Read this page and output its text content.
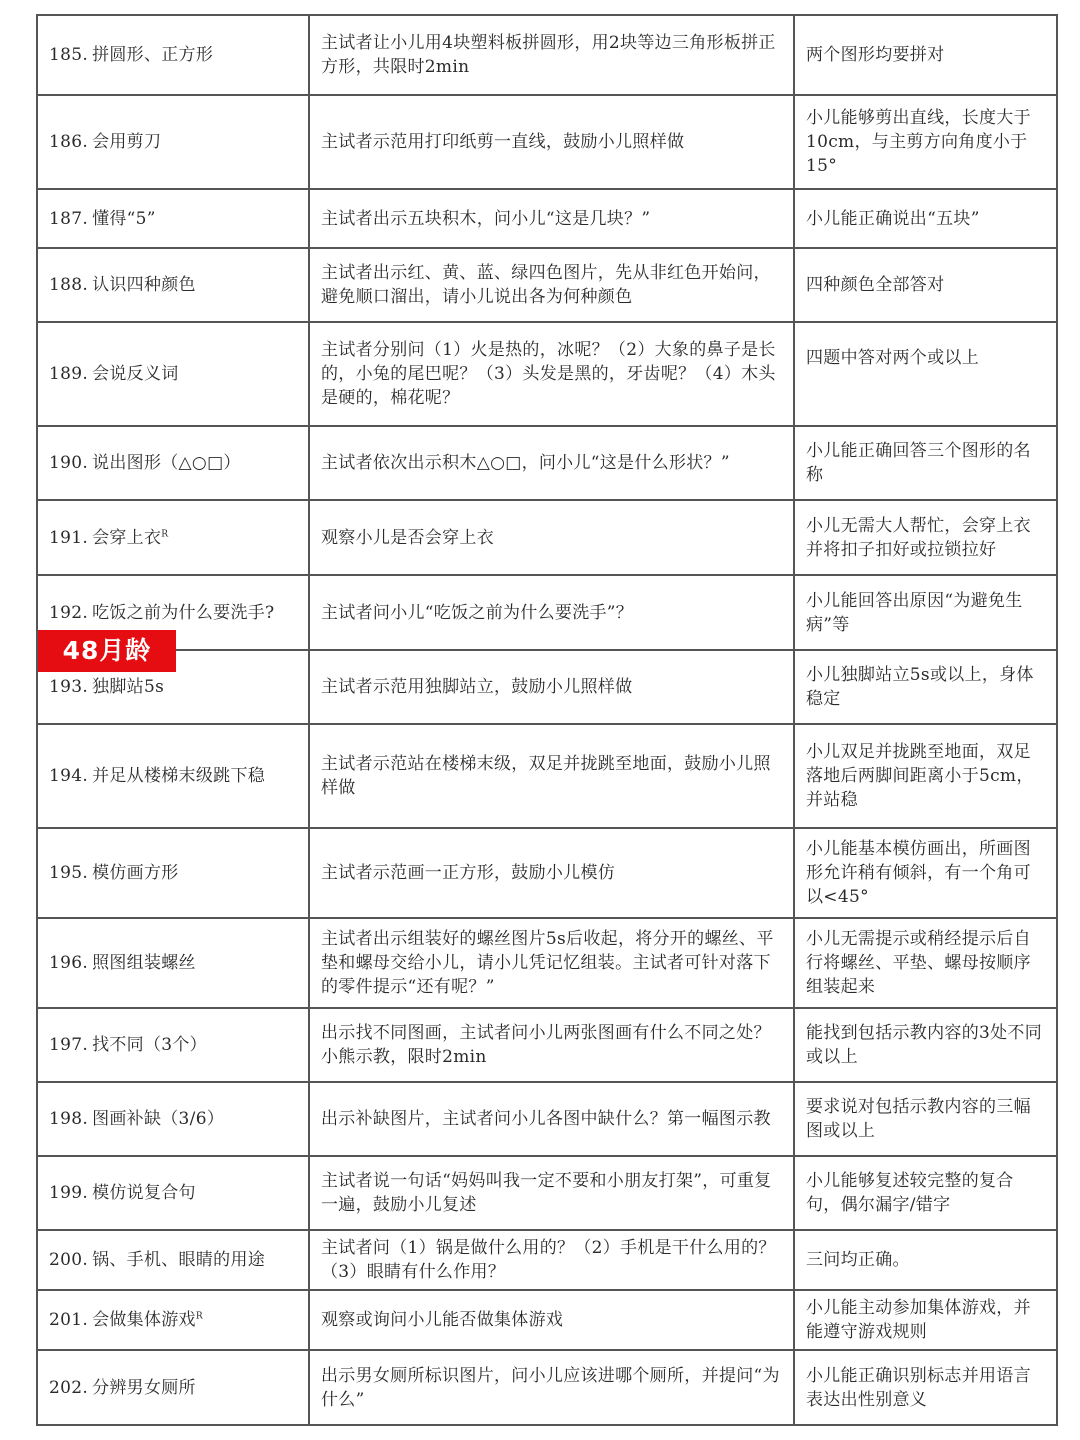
185. 拼圆形、正方形	主试者让小儿用4块塑料板拼圆形，用2块等边三角形板拼正方形，共限时2min	两个图形均要拼对
186. 会用剪刀	主试者示范用打印纸剪一直线，鼓励小儿照样做	小儿能够剪出直线，长度大于10cm，与主剪方向角度小于15°
187. 懂得“5”	主试者出示五块积木，问小儿“这是几块？”	小儿能正确说出“五块”
188. 认识四种颜色	主试者出示红、黄、蓝、绿四色图片，先从非红色开始问，避免顺口溜出，请小儿说出各为何种颜色	四种颜色全部答对
189. 会说反义词	主试者分别问（1）火是热的，冰呢？（2）大象的鼻子是长的，小兔的尾巴呢？（3）头发是黑的，牙齿呢？（4）木头是硬的，棉花呢？	四题中答对两个或以上
190. 说出图形（△○□）	主试者依次出示积木△○□，问小儿“这是什么形状？”	小儿能正确回答三个图形的名称
191. 会穿上衣$^R$	观察小儿是否会穿上衣	小儿无需大人帮忙，会穿上衣并将扣子扣好或拉锁拉好
192. 吃饭之前为什么要洗手?	主试者问小儿“吃饭之前为什么要洗手”？	小儿能回答出原因“为避免生病”等
193. 独脚站5s	主试者示范用独脚站立，鼓励小儿照样做	小儿独脚站立5s或以上，身体稳定
194. 并足从楼梯末级跳下稳	主试者示范站在楼梯末级，双足并拢跳至地面，鼓励小儿照样做	小儿双足并拢跳至地面，双足落地后两脚间距离小于5cm，并站稳
195. 模仿画方形	主试者示范画一正方形，鼓励小儿模仿	小儿能基本模仿画出，所画图形允许稍有倾斜，有一个角可以<45°
196. 照图组装螺丝	主试者出示组装好的螺丝图片5s后收起，将分开的螺丝、平垫和螺母交给小儿，请小儿凭记忆组装。主试者可针对落下的零件提示“还有呢？”	小儿无需提示或稍经提示后自行将螺丝、平垫、螺母按顺序组装起来
197. 找不同（3个）	出示找不同图画，主试者问小儿两张图画有什么不同之处？小熊示教，限时2min	能找到包括示教内容的3处不同或以上
198. 图画补缺（3/6）	出示补缺图片，主试者问小儿各图中缺什么？第一幅图示教	要求说对包括示教内容的三幅图或以上
199. 模仿说复合句	主试者说一句话“妈妈叫我一定不要和小朋友打架”，可重复一遍，鼓励小儿复述	小儿能够复述较完整的复合句，偶尔漏字/错字
200. 锅、手机、眼睛的用途	主试者问（1）锅是做什么用的？（2）手机是干什么用的？（3）眼睛有什么作用？	三问均正确。
201. 会做集体游戏$^R$	观察或询问小儿能否做集体游戏	小儿能主动参加集体游戏，并能遵守游戏规则
202. 分辨男女厕所	出示男女厕所标识图片，问小儿应该进哪个厕所，并提问“为什么”	小儿能正确识别标志并用语言表达出性别意义
48月龄
